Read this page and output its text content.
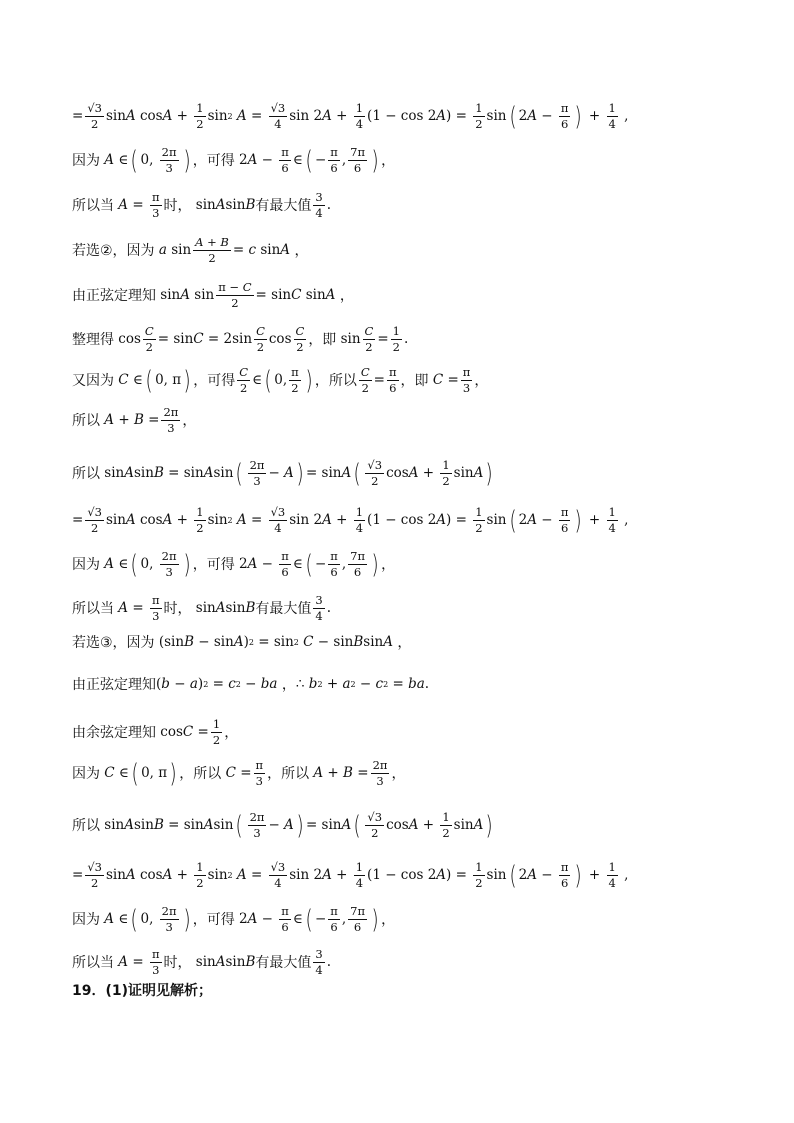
= $\frac{√3}{2}$ sin A $\cos A + \frac{1}{2}$ sin 2 $A = \frac{√3}{4}$ sin 2 $A + \frac{1}{4} (1 - \cos 2$ A ) = $\frac{1}{2}$ sin ( 2 $A - \frac{\pi}{6}$ ) + $\frac{1}{4}$ ,
因为 A ∈ ( 0, $\frac{2\pi}{3}$ ) ，可得 2 $A - \frac{\pi}{6}$ ∈ ( − $\frac{\pi}{6}$ , $\frac{7\pi}{6}$ ) ，
所以当 $A = \frac{\pi}{3}$ 时， sin A sin B 有最大值 $\frac{3}{4}$ .
若选②，因为 a $\sin \frac{A + B}{2} = c$ sin A ，
由正弦定理知 sin A $\sin \frac{\pi - C}{2} = \sin C$ sin A ，
整理得 $\cos \frac{C}{2} = \sin C = 2\sin \frac{C}{2}$ $\cos \frac{C}{2}$ ，即 $\sin \frac{C}{2} = \frac{1}{2}$ .
又因为 C ∈ ( 0, π ) ，可得 $\frac{C}{2}$ ∈ ( 0, $\frac{\pi}{2}$ ) ，所以 $\frac{C}{2} = \frac{\pi}{6}$ ，即 $C = \frac{\pi}{3}$ ，
所以 $A + B = \frac{2\pi}{3}$ ，
所以 sin A sin B = sin A sin ( $\frac{2\pi}{3} - A$ ) = sin A ( $\frac{√3}{2}$ $\cos A + \frac{1}{2}$ sin A )
= $\frac{√3}{2}$ sin A $\cos A + \frac{1}{2}$ sin 2 $A = \frac{√3}{4}$ sin 2 $A + \frac{1}{4} (1 - \cos 2$ A ) = $\frac{1}{2}$ sin ( 2 $A - \frac{\pi}{6}$ ) + $\frac{1}{4}$ ,
因为 A ∈ ( 0, $\frac{2\pi}{3}$ ) ，可得 2 $A - \frac{\pi}{6}$ ∈ ( − $\frac{\pi}{6}$ , $\frac{7\pi}{6}$ ) ，
所以当 $A = \frac{\pi}{3}$ 时， sin A sin B 有最大值 $\frac{3}{4}$ .
若选③，因为 (sin B − sin A ) 2 = sin 2 C − sin B sin A ，
由正弦定理知 ( b − a ) 2 = c 2 − ba ， ∴ b 2 + a 2 − c 2 = ba .
由余弦定理知 $\cos C = \frac{1}{2}$ ，
因为 C ∈ ( 0, π ) ，所以 $C = \frac{\pi}{3}$ ，所以 $A + B = \frac{2\pi}{3}$ ，
所以 sin A sin B = sin A sin ( $\frac{2\pi}{3} - A$ ) = sin A ( $\frac{√3}{2}$ $\cos A + \frac{1}{2}$ sin A )
= $\frac{√3}{2}$ sin A $\cos A + \frac{1}{2}$ sin 2 $A = \frac{√3}{4}$ sin 2 $A + \frac{1}{4} (1 - \cos 2$ A ) = $\frac{1}{2}$ sin ( 2 $A - \frac{\pi}{6}$ ) + $\frac{1}{4}$ ,
因为 A ∈ ( 0, $\frac{2\pi}{3}$ ) ，可得 2 $A - \frac{\pi}{6}$ ∈ ( − $\frac{\pi}{6}$ , $\frac{7\pi}{6}$ ) ，
所以当 $A = \frac{\pi}{3}$ 时， sin A sin B 有最大值 $\frac{3}{4}$ .
19．(1)证明见解析；
